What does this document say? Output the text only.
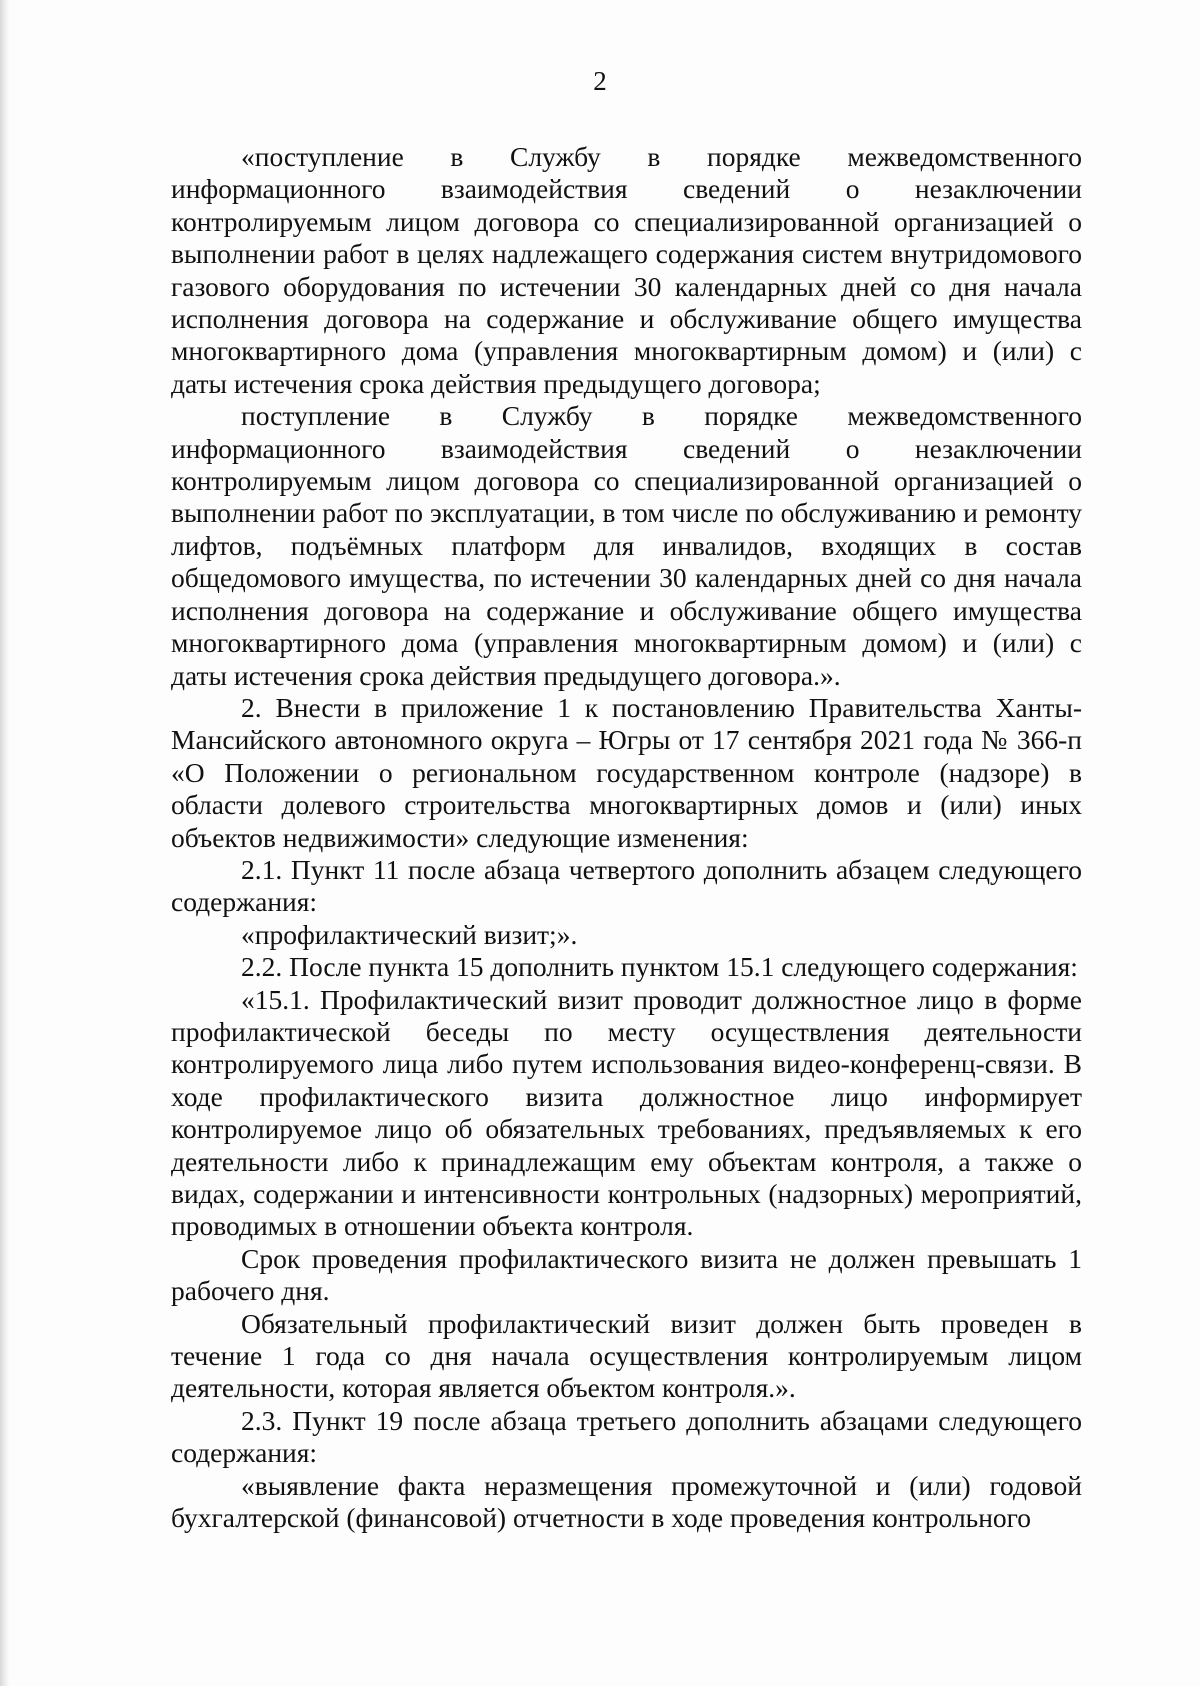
2

«поступление в Службу в порядке межведомственного информационного взаимодействия сведений о незаключении контролируемым лицом договора со специализированной организацией о выполнении работ в целях надлежащего содержания систем внутридомового газового оборудования по истечении 30 календарных дней со дня начала исполнения договора на содержание и обслуживание общего имущества многоквартирного дома (управления многоквартирным домом) и (или) с даты истечения срока действия предыдущего договора;

поступление в Службу в порядке межведомственного информационного взаимодействия сведений о незаключении контролируемым лицом договора со специализированной организацией о выполнении работ по эксплуатации, в том числе по обслуживанию и ремонту лифтов, подъёмных платформ для инвалидов, входящих в состав общедомового имущества, по истечении 30 календарных дней со дня начала исполнения договора на содержание и обслуживание общего имущества многоквартирного дома (управления многоквартирным домом) и (или) с даты истечения срока действия предыдущего договора.».

2. Внести в приложение 1 к постановлению Правительства Ханты-Мансийского автономного округа – Югры от 17 сентября 2021 года № 366-п «О Положении о региональном государственном контроле (надзоре) в области долевого строительства многоквартирных домов и (или) иных объектов недвижимости» следующие изменения:

2.1. Пункт 11 после абзаца четвертого дополнить абзацем следующего содержания:

«профилактический визит;».

2.2. После пункта 15 дополнить пунктом 15.1 следующего содержания:

«15.1. Профилактический визит проводит должностное лицо в форме профилактической беседы по месту осуществления деятельности контролируемого лица либо путем использования видео-конференц-связи. В ходе профилактического визита должностное лицо информирует контролируемое лицо об обязательных требованиях, предъявляемых к его деятельности либо к принадлежащим ему объектам контроля, а также о видах, содержании и интенсивности контрольных (надзорных) мероприятий, проводимых в отношении объекта контроля.

Срок проведения профилактического визита не должен превышать 1 рабочего дня.

Обязательный профилактический визит должен быть проведен в течение 1 года со дня начала осуществления контролируемым лицом деятельности, которая является объектом контроля.».

2.3. Пункт 19 после абзаца третьего дополнить абзацами следующего содержания:

«выявление факта неразмещения промежуточной и (или) годовой бухгалтерской (финансовой) отчетности в ходе проведения контрольного
